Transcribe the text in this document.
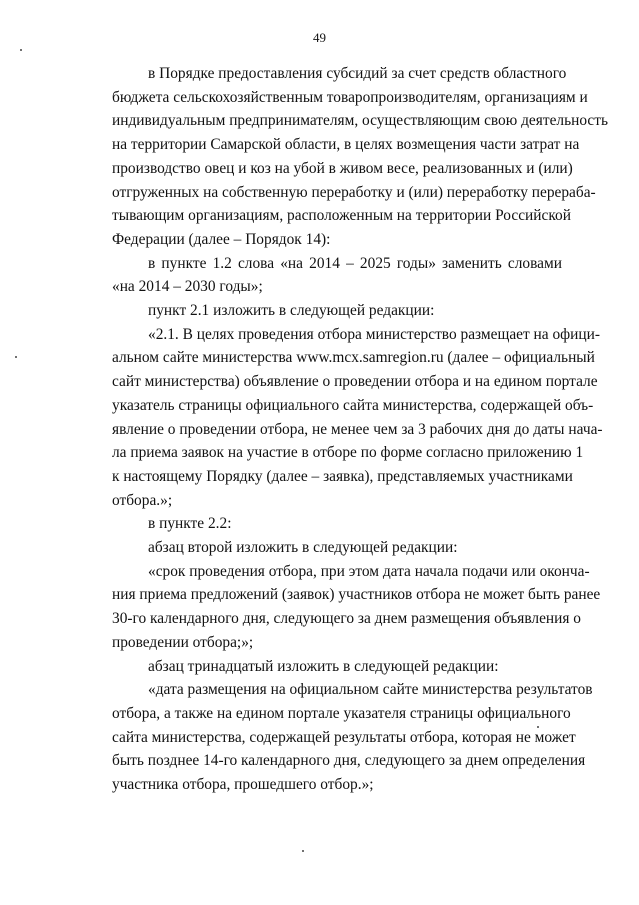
49
в Порядке предоставления субсидий за счет средств областного
бюджета сельскохозяйственным товаропроизводителям, организациям и
индивидуальным предпринимателям, осуществляющим свою деятельность
на территории Самарской области, в целях возмещения части затрат на
производство овец и коз на убой в живом весе, реализованных и (или)
отгруженных на собственную переработку и (или) переработку перераба-
тывающим организациям, расположенным на территории Российской
Федерации (далее – Порядок 14):
в пункте 1.2 слова «на 2014 – 2025 годы» заменить словами
«на 2014 – 2030 годы»;
пункт 2.1 изложить в следующей редакции:
«2.1. В целях проведения отбора министерство размещает на офици-
альном сайте министерства www.mcx.samregion.ru (далее – официальный
сайт министерства) объявление о проведении отбора и на едином портале
указатель страницы официального сайта министерства, содержащей объ-
явление о проведении отбора, не менее чем за 3 рабочих дня до даты нача-
ла приема заявок на участие в отборе по форме согласно приложению 1
к настоящему Порядку (далее – заявка), представляемых участниками
отбора.»;
в пункте 2.2:
абзац второй изложить в следующей редакции:
«срок проведения отбора, при этом дата начала подачи или оконча-
ния приема предложений (заявок) участников отбора не может быть ранее
30-го календарного дня, следующего за днем размещения объявления о
проведении отбора;»;
абзац тринадцатый изложить в следующей редакции:
«дата размещения на официальном сайте министерства результатов
отбора, а также на едином портале указателя страницы официального
сайта министерства, содержащей результаты отбора, которая не может
быть позднее 14-го календарного дня, следующего за днем определения
участника отбора, прошедшего отбор.»;
